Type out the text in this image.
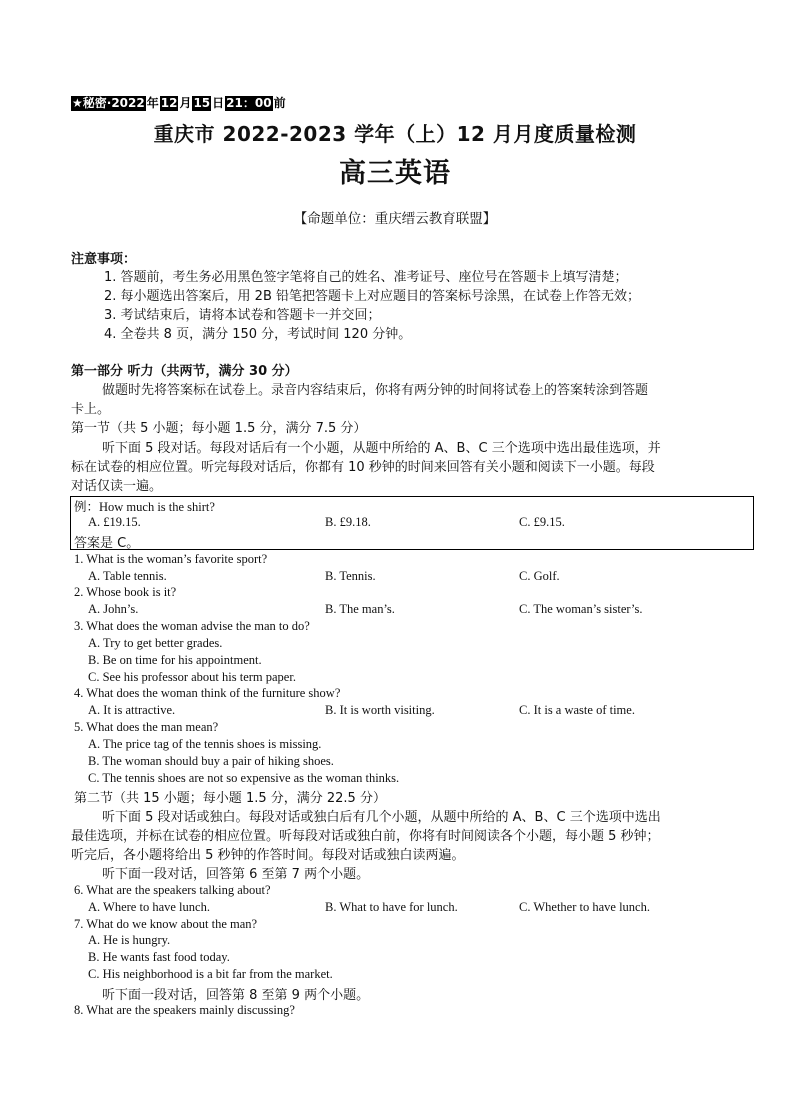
★秘密·2022 年 12 月 15 日 21：00 前
重庆市 2022-2023 学年（上）12 月月度质量检测
高三英语
【命题单位：重庆缙云教育联盟】
注意事项：
1. 答题前，考生务必用黑色签字笔将自己的姓名、准考证号、座位号在答题卡上填写清楚；
2. 每小题选出答案后，用 2B 铅笔把答题卡上对应题目的答案标号涂黑，在试卷上作答无效；
3. 考试结束后，请将本试卷和答题卡一并交回；
4. 全卷共 8 页，满分 150 分，考试时间 120 分钟。
第一部分 听力（共两节，满分 30 分）
做题时先将答案标在试卷上。录音内容结束后，你将有两分钟的时间将试卷上的答案转涂到答题
卡上。
第一节（共 5 小题；每小题 1.5 分，满分 7.5 分）
听下面 5 段对话。每段对话后有一个小题，从题中所给的 A、B、C 三个选项中选出最佳选项，并
标在试卷的相应位置。听完每段对话后，你都有 10 秒钟的时间来回答有关小题和阅读下一小题。每段
对话仅读一遍。
例：How much is the shirt?
A. £19.15.	B. £9.18.	C. £9.15.
答案是 C。
1. What is the woman’s favorite sport?
A. Table tennis.	B. Tennis.	C. Golf.
2. Whose book is it?
A. John’s.	B. The man’s.	C. The woman’s sister’s.
3. What does the woman advise the man to do?
A. Try to get better grades.
B. Be on time for his appointment.
C. See his professor about his term paper.
4. What does the woman think of the furniture show?
A. It is attractive.	B. It is worth visiting.	C. It is a waste of time.
5. What does the man mean?
A. The price tag of the tennis shoes is missing.
B. The woman should buy a pair of hiking shoes.
C. The tennis shoes are not so expensive as the woman thinks.
第二节（共 15 小题；每小题 1.5 分，满分 22.5 分）
听下面 5 段对话或独白。每段对话或独白后有几个小题，从题中所给的 A、B、C 三个选项中选出
最佳选项，并标在试卷的相应位置。听每段对话或独白前，你将有时间阅读各个小题，每小题 5 秒钟；
听完后，各小题将给出 5 秒钟的作答时间。每段对话或独白读两遍。
听下面一段对话，回答第 6 至第 7 两个小题。
6. What are the speakers talking about?
A. Where to have lunch.	B. What to have for lunch.	C. Whether to have lunch.
7. What do we know about the man?
A. He is hungry.
B. He wants fast food today.
C. His neighborhood is a bit far from the market.
听下面一段对话，回答第 8 至第 9 两个小题。
8. What are the speakers mainly discussing?
